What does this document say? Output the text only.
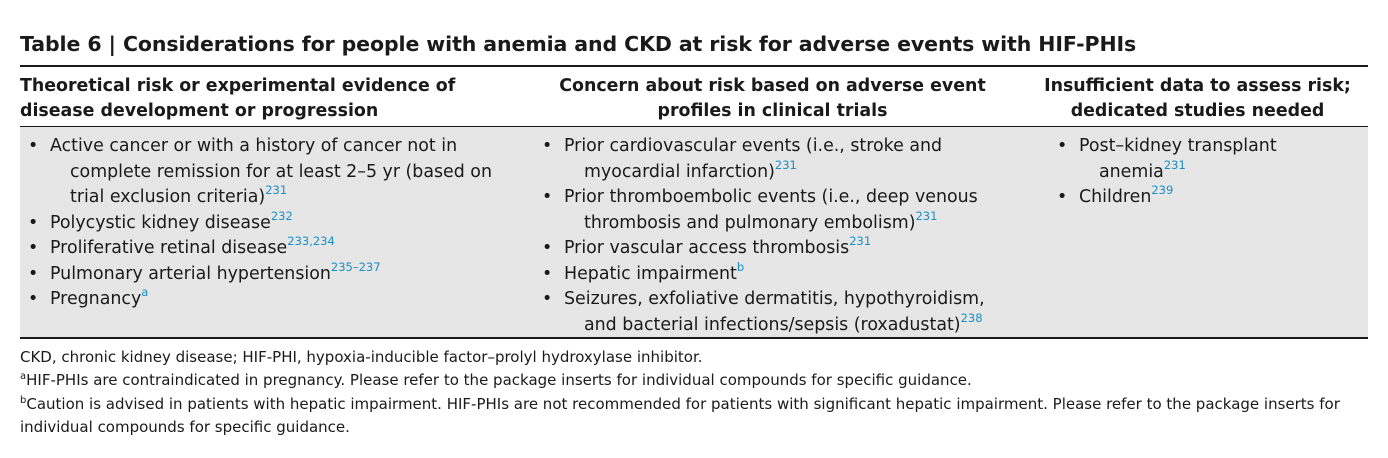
Table 6 | Considerations for people with anemia and CKD at risk for adverse events with HIF-PHIs
Theoretical risk or experimental evidence of disease development or progression
Concern about risk based on adverse event profiles in clinical trials
Insufficient data to assess risk; dedicated studies needed
• Active cancer or with a history of cancer not in complete remission for at least 2–5 yr (based on trial exclusion criteria)$^{231}$
• Polycystic kidney disease$^{232}$
• Proliferative retinal disease$^{233,234}$
• Pulmonary arterial hypertension$^{235-237}$
• Pregnancy$^a$
• Prior cardiovascular events (i.e., stroke and myocardial infarction)$^{231}$
• Prior thromboembolic events (i.e., deep venous thrombosis and pulmonary embolism)$^{231}$
• Prior vascular access thrombosis$^{231}$
• Hepatic impairment$^b$
• Seizures, exfoliative dermatitis, hypothyroidism, and bacterial infections/sepsis (roxadustat)$^{238}$
• Post–kidney transplant anemia$^{231}$
• Children$^{239}$
CKD, chronic kidney disease; HIF-PHI, hypoxia-inducible factor–prolyl hydroxylase inhibitor.
$^a$HIF-PHIs are contraindicated in pregnancy. Please refer to the package inserts for individual compounds for specific guidance.
$^b$Caution is advised in patients with hepatic impairment. HIF-PHIs are not recommended for patients with significant hepatic impairment. Please refer to the package inserts for individual compounds for specific guidance.
